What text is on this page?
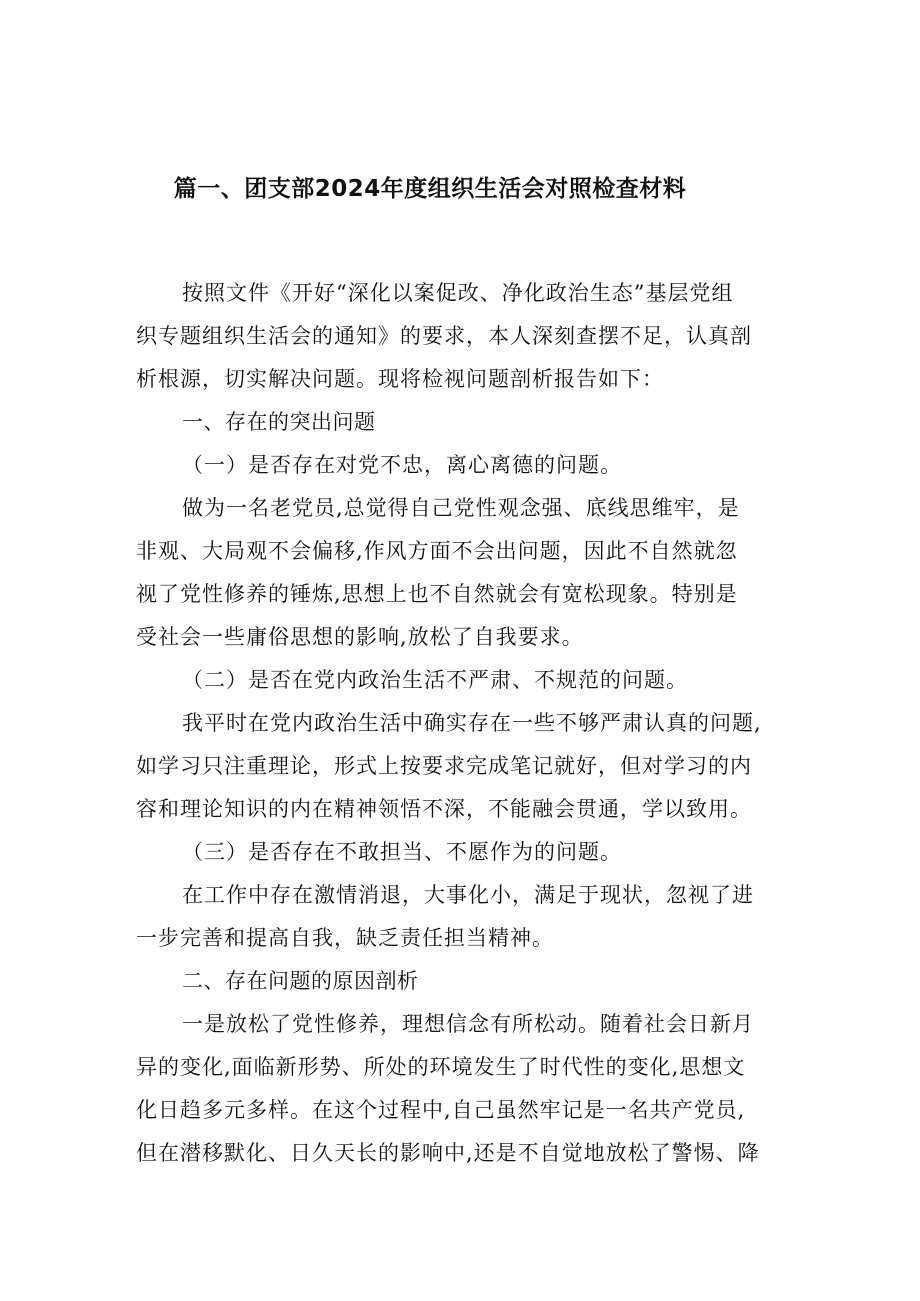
篇一、团支部2024年度组织生活会对照检查材料
按照文件《开好“深化以案促改、净化政治生态”基层党组
织专题组织生活会的通知》的要求，本人深刻查摆不足，认真剖
析根源，切实解决问题。现将检视问题剖析报告如下：
一、存在的突出问题
（一）是否存在对党不忠，离心离德的问题。
做为一名老党员,总觉得自己党性观念强、底线思维牢，是
非观、大局观不会偏移,作风方面不会出问题，因此不自然就忽
视了党性修养的锤炼,思想上也不自然就会有宽松现象。特别是
受社会一些庸俗思想的影响,放松了自我要求。
（二）是否在党内政治生活不严肃、不规范的问题。
我平时在党内政治生活中确实存在一些不够严肃认真的问题,
如学习只注重理论，形式上按要求完成笔记就好，但对学习的内
容和理论知识的内在精神领悟不深，不能融会贯通，学以致用。
（三）是否存在不敢担当、不愿作为的问题。
在工作中存在激情消退，大事化小，满足于现状，忽视了进
一步完善和提高自我，缺乏责任担当精神。
二、存在问题的原因剖析
一是放松了党性修养，理想信念有所松动。随着社会日新月
异的变化,面临新形势、所处的环境发生了时代性的变化,思想文
化日趋多元多样。在这个过程中,自己虽然牢记是一名共产党员,
但在潜移默化、日久天长的影响中,还是不自觉地放松了警惕、降
